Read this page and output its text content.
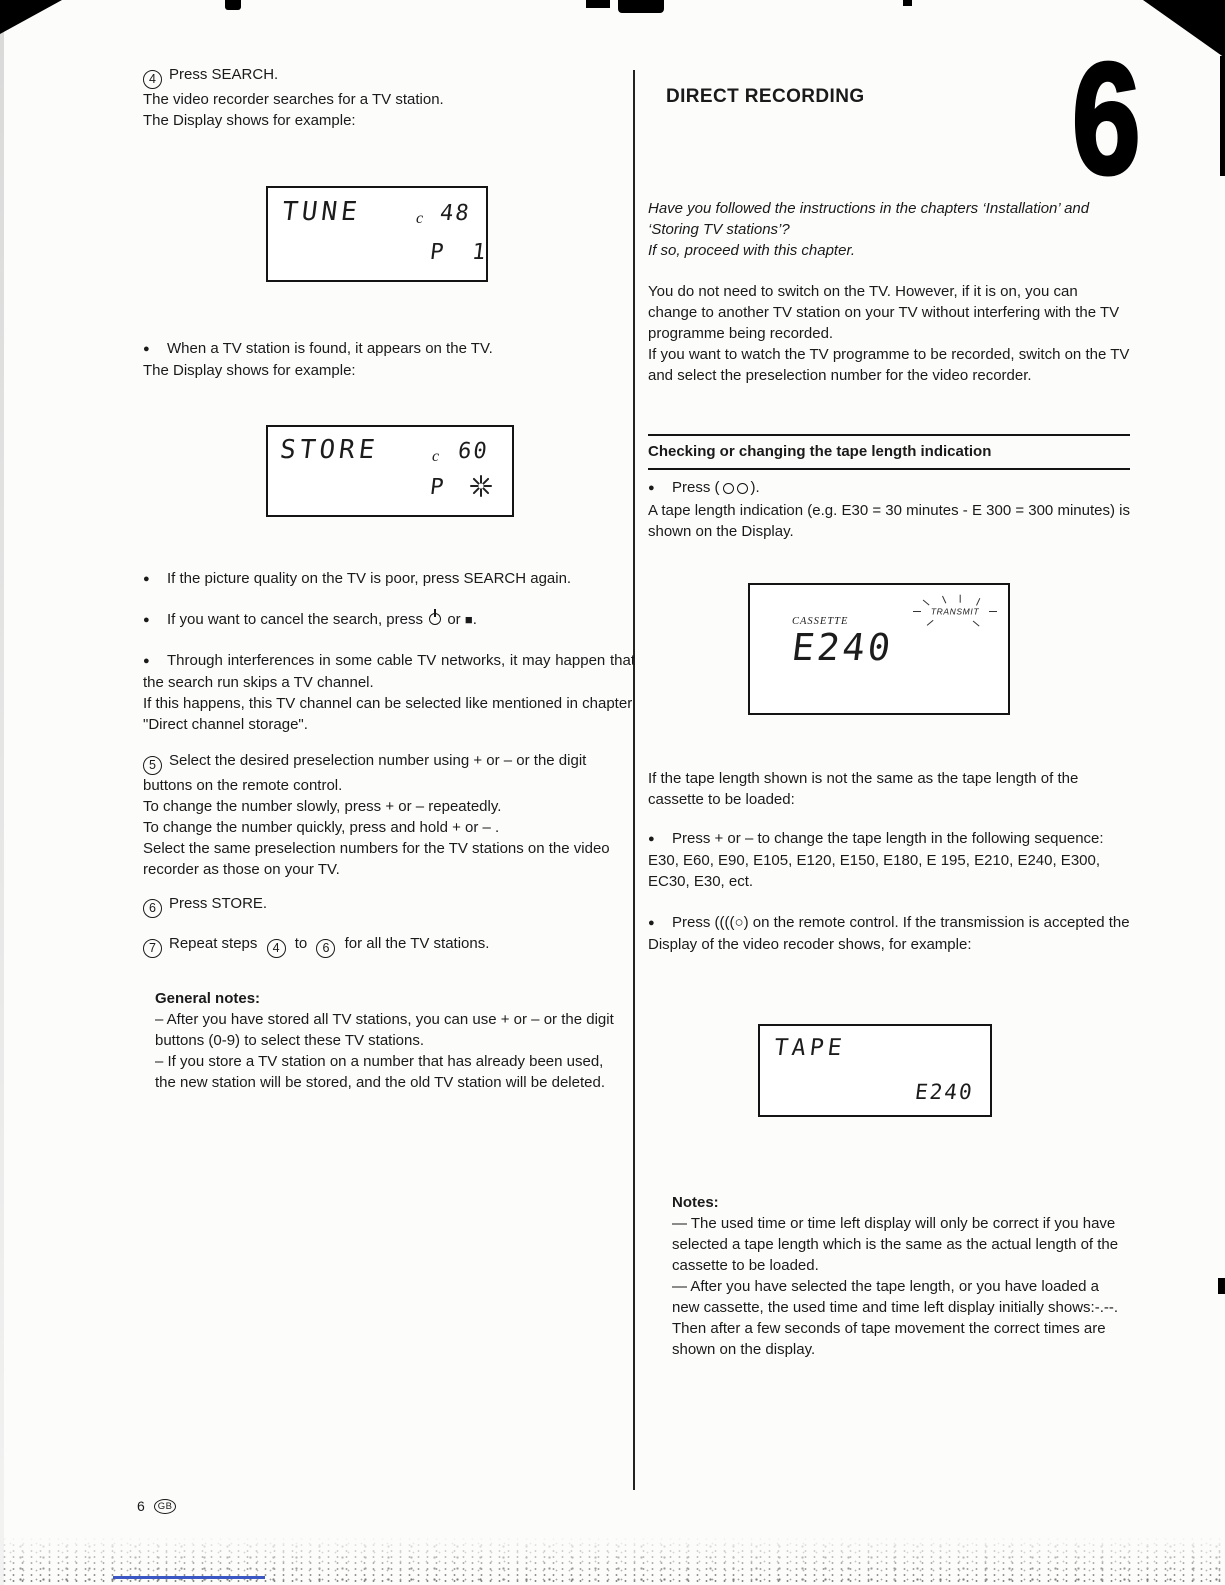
4 Press SEARCH.

The video recorder searches for a TV station.

The Display shows for example:

TUNE	c 48
P 1

● When a TV station is found, it appears on the TV.

The Display shows for example:

STORE	c 60
P

● If the picture quality on the TV is poor, press SEARCH again.

● If you want to cancel the search, press or ■.

● Through interferences in some cable TV networks, it may happen that the search run skips a TV channel.

If this happens, this TV channel can be selected like mentioned in chapter "Direct channel storage".

5 Select the desired preselection number using + or – or the digit buttons on the remote control.

To change the number slowly, press + or – repeatedly.

To change the number quickly, press and hold + or – .

Select the same preselection numbers for the TV stations on the video recorder as those on your TV.

6 Press STORE.

7 Repeat steps 4 to 6 for all the TV stations.

General notes:

– After you have stored all TV stations, you can use + or – or the digit buttons (0-9) to select these TV stations.

– If you store a TV station on a number that has already been used, the new station will be stored, and the old TV station will be deleted.

6	GB
DIRECT RECORDING 6

Have you followed the instructions in the chapters ‘Installation’ and ‘Storing TV stations’?

If so, proceed with this chapter.

You do not need to switch on the TV. However, if it is on, you can change to another TV station on your TV without interfering with the TV programme being recorded.

If you want to watch the TV programme to be recorded, switch on the TV and select the preselection number for the video recorder.

Checking or changing the tape length indication

● Press ( ).

A tape length indication (e.g. E30 = 30 minutes - E 300 = 300 minutes) is shown on the Display.

CASSETTE
TRANSMIT
E240

If the tape length shown is not the same as the tape length of the cassette to be loaded:

● Press + or – to change the tape length in the following sequence: E30, E60, E90, E105, E120, E150, E180, E 195, E210, E240, E300, EC30, E30, ect.

● Press ((((○) on the remote control. If the transmission is accepted the Display of the video recoder shows, for example:

TAPE
E240

Notes:

— The used time or time left display will only be correct if you have selected a tape length which is the same as the actual length of the cassette to be loaded.

— After you have selected the tape length, or you have loaded a new cassette, the used time and time left display initially shows:-.--. Then after a few seconds of tape movement the correct times are shown on the display.
